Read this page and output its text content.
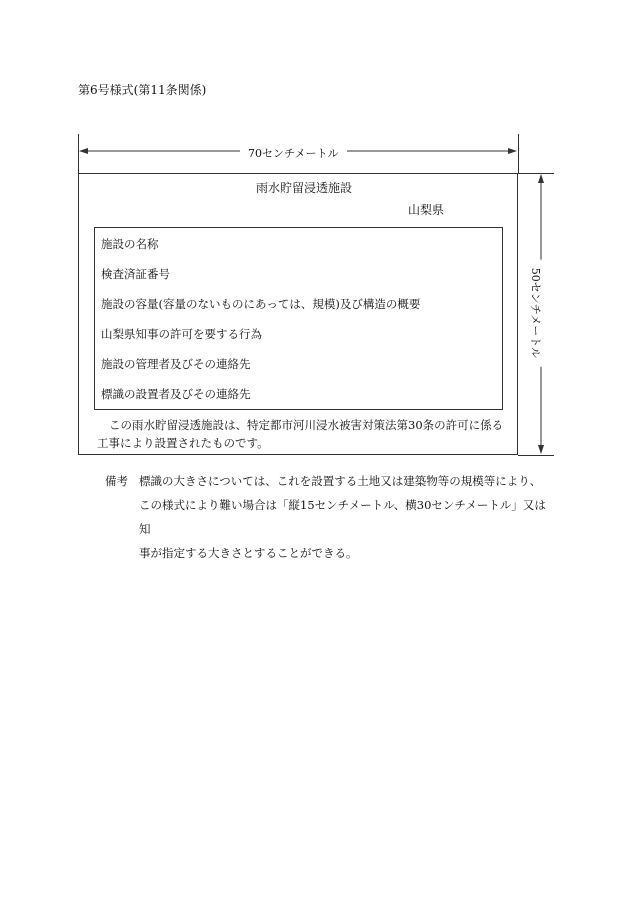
第6号様式(第11条関係)
70センチメートル
50センチメートル
雨水貯留浸透施設
山梨県
施設の名称
検査済証番号
施設の容量(容量のないものにあっては、規模)及び構造の概要
山梨県知事の許可を要する行為
施設の管理者及びその連絡先
標識の設置者及びその連絡先
この雨水貯留浸透施設は、特定都市河川浸水被害対策法第30条の許可に係る工事により設置されたものです。
備考 標識の大きさについては、これを設置する土地又は建築物等の規模等により、
この様式により難い場合は「縦15センチメートル、横30センチメートル」又は知
事が指定する大きさとすることができる。
